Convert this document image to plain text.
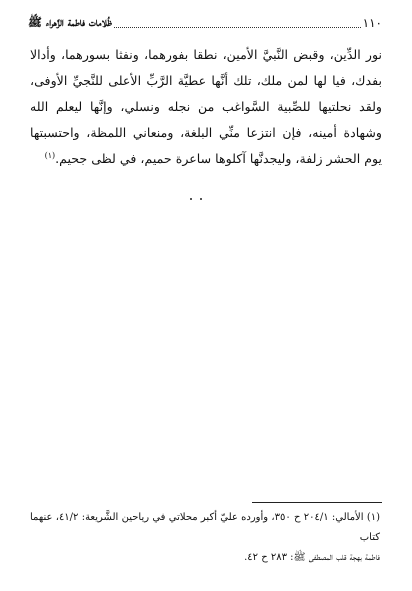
١١٠
ظُلامات فاطمة الزَّهراء ﷺ

نور الدِّين، وقبض النَّبيَّ الأمين، نطقا بفورهما، ونفثا بسورهما، وأدالا بفدك، فيا لها لمن ملك، تلك أنَّها عطيَّة الرَّبِّ الأعلى للنَّجيِّ الأوفى، ولقد نحلتيها للصِّبية السَّواغب من نجله ونسلي، وإنَّها ليعلم الله وشهادة أمينه، فإن انتزعا منِّي البلغة، ومنعاني اللمظة، واحتسبتها يوم الحشر زلفة، وليجدنَّها آكلوها ساعرة حميم، في لظى جحيم.$^{(١)}$

(١) الأمالي: ٢٠٤/١ ح ٣٥٠، وأورده عليّ أكبر محلاتي في رياحين الشَّريعة: ٤١/٢، عنهما كتاب
فاطمة بهجة قلب المصطفى ﷺ: ٢٨٣ ح ٤٢.
